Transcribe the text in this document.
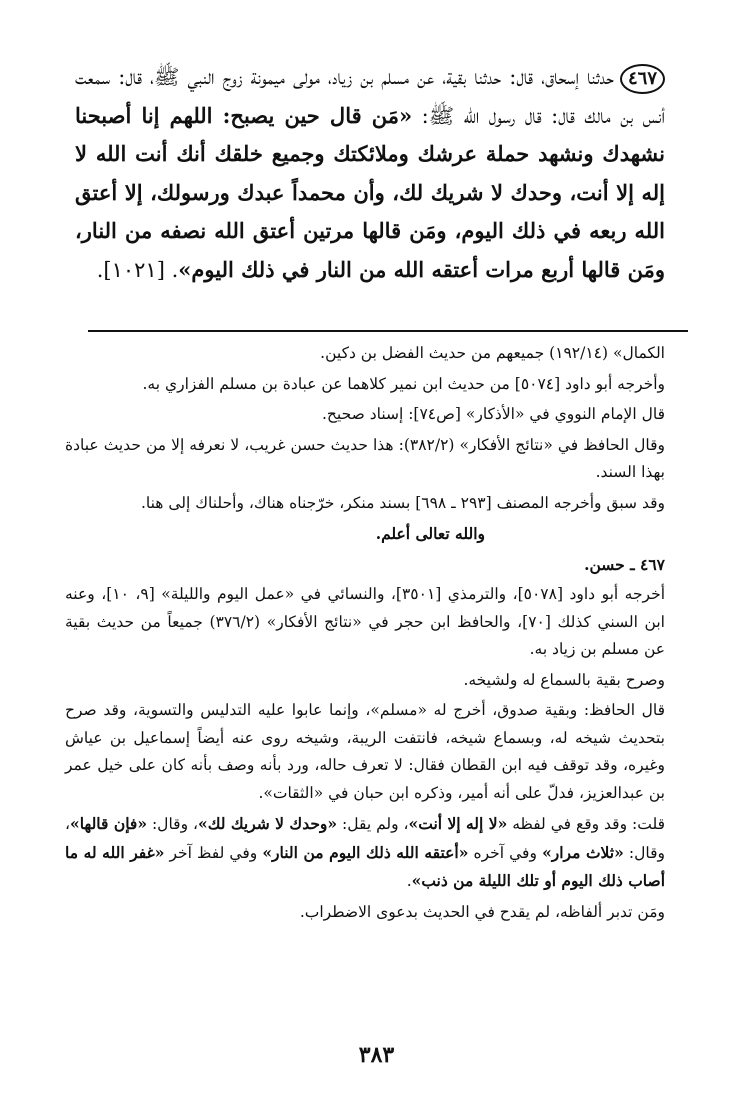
٤٦٧حدثنا إسحاق، قال: حدثنا بقية، عن مسلم بن زياد، مولى ميمونة زوج النبي ﷺ، قال: سمعت أنس بن مالك قال: قال رسول الله ﷺ: «مَن قال حين يصبح: اللهم إنا أصبحنا نشهدك ونشهد حملة عرشك وملائكتك وجميع خلقك أنك أنت الله لا إله إلا أنت، وحدك لا شريك لك، وأن محمداً عبدك ورسولك، إلا أعتق الله ربعه في ذلك اليوم، ومَن قالها مرتين أعتق الله نصفه من النار، ومَن قالها أربع مرات أعتقه الله من النار في ذلك اليوم». [١٠٢١].

الكمال» (١٩٢/١٤) جميعهم من حديث الفضل بن دكين.

وأخرجه أبو داود [٥٠٧٤] من حديث ابن نمير كلاهما عن عبادة بن مسلم الفزاري به.

قال الإمام النووي في «الأذكار» [ص٧٤]: إسناد صحيح.

وقال الحافظ في «نتائج الأفكار» (٣٨٢/٢): هذا حديث حسن غريب، لا نعرفه إلا من حديث عبادة بهذا السند.

وقد سبق وأخرجه المصنف [٢٩٣ ـ ٦٩٨] بسند منكر، خرّجناه هناك، وأحلناك إلى هنا.

والله تعالى أعلم.

٤٦٧ ـ حسن.

أخرجه أبو داود [٥٠٧٨]، والترمذي [٣٥٠١]، والنسائي في «عمل اليوم والليلة» [٩، ١٠]، وعنه ابن السني كذلك [٧٠]، والحافظ ابن حجر في «نتائج الأفكار» (٣٧٦/٢) جميعاً من حديث بقية عن مسلم بن زياد به.

وصرح بقية بالسماع له ولشيخه.

قال الحافظ: وبقية صدوق، أخرج له «مسلم»، وإنما عابوا عليه التدليس والتسوية، وقد صرح بتحديث شيخه له، وبسماع شيخه، فانتفت الريبة، وشيخه روى عنه أيضاً إسماعيل بن عياش وغيره، وقد توقف فيه ابن القطان فقال: لا تعرف حاله، ورد بأنه وصف بأنه كان على خيل عمر بن عبدالعزيز، فدلّ على أنه أمير، وذكره ابن حبان في «الثقات».

قلت: وقد وقع في لفظه «لا إله إلا أنت»، ولم يقل: «وحدك لا شريك لك»، وقال: «فإن قالها»، وقال: «ثلاث مرار» وفي آخره «أعتقه الله ذلك اليوم من النار» وفي لفظ آخر «غفر الله له ما أصاب ذلك اليوم أو تلك الليلة من ذنب».

ومَن تدبر ألفاظه، لم يقدح في الحديث بدعوى الاضطراب.

٣٨٣
